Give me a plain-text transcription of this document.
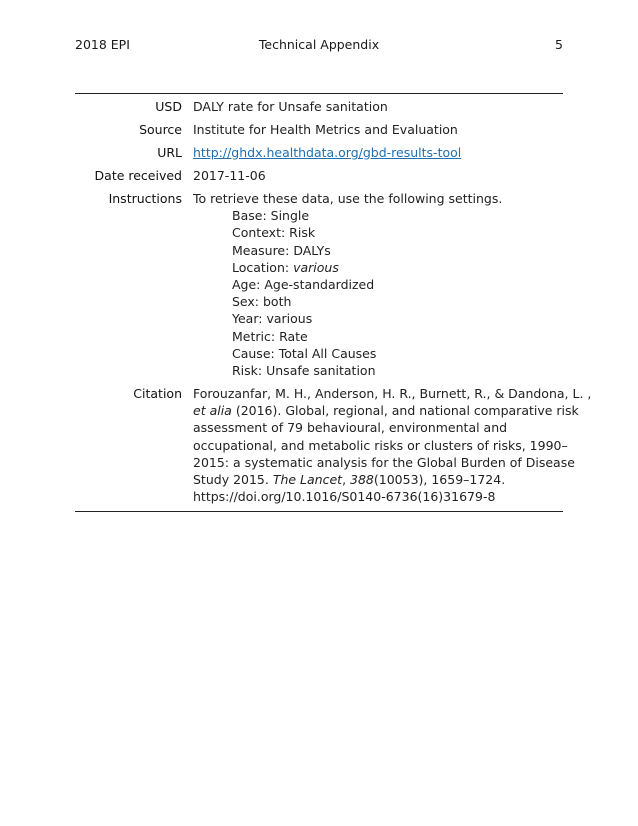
2018 EPI	Technical Appendix	5
USD DALY rate for Unsafe sanitation
Source Institute for Health Metrics and Evaluation
URL http://ghdx.healthdata.org/gbd-results-tool
Date received 2017-11-06
Instructions To retrieve these data, use the following settings.
Base: Single
Context: Risk
Measure: DALYs
Location: various
Age: Age-standardized
Sex: both
Year: various
Metric: Rate
Cause: Total All Causes
Risk: Unsafe sanitation
Citation Forouzanfar, M. H., Anderson, H. R., Burnett, R., & Dandona, L. ,
et alia (2016). Global, regional, and national comparative risk
assessment of 79 behavioural, environmental and
occupational, and metabolic risks or clusters of risks, 1990–
2015: a systematic analysis for the Global Burden of Disease
Study 2015. The Lancet, 388(10053), 1659–1724.
https://doi.org/10.1016/S0140-6736(16)31679-8
